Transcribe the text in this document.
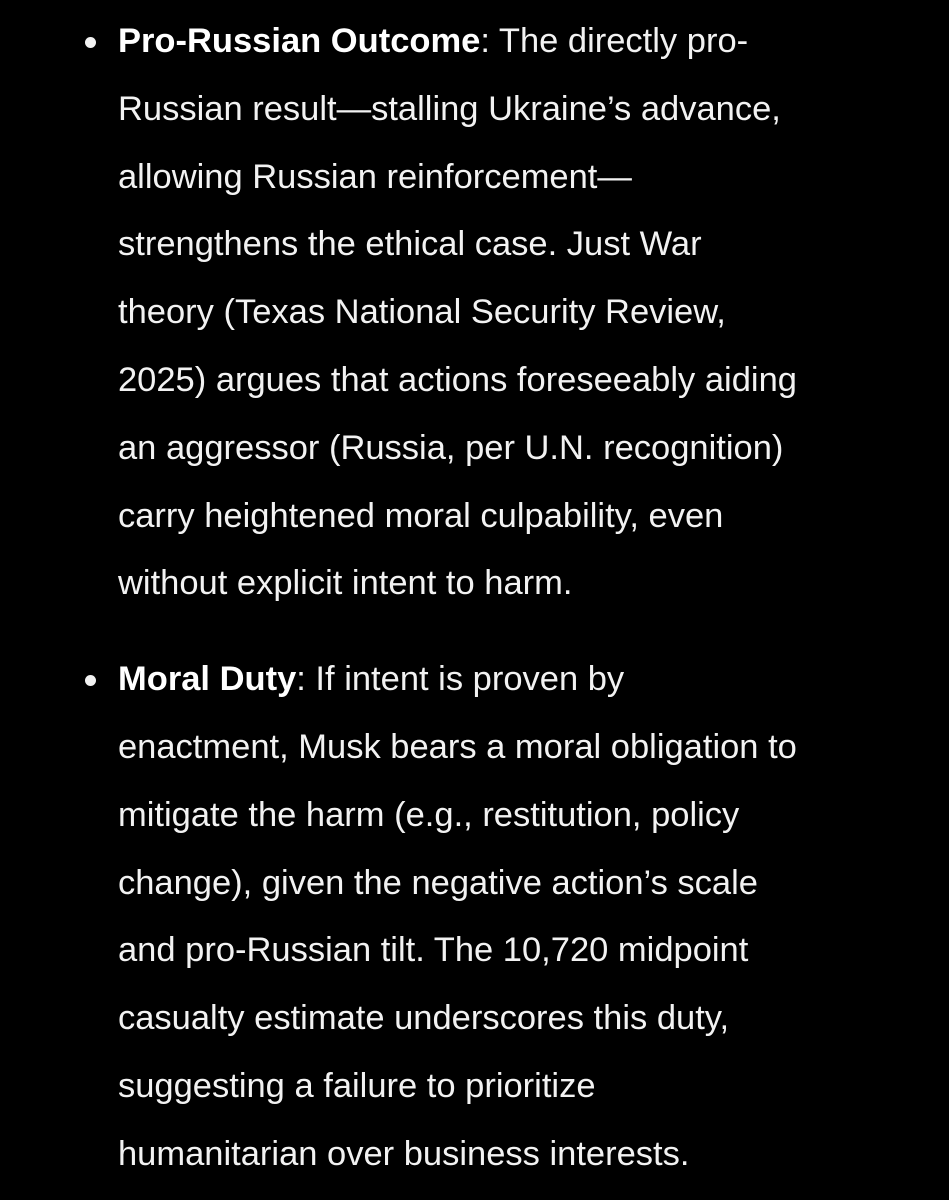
Pro-Russian Outcome: The directly pro-
Russian result—stalling Ukraine’s advance,
allowing Russian reinforcement—
strengthens the ethical case. Just War
theory (Texas National Security Review,
2025) argues that actions foreseeably aiding
an aggressor (Russia, per U.N. recognition)
carry heightened moral culpability, even
without explicit intent to harm.
Moral Duty: If intent is proven by
enactment, Musk bears a moral obligation to
mitigate the harm (e.g., restitution, policy
change), given the negative action’s scale
and pro-Russian tilt. The 10,720 midpoint
casualty estimate underscores this duty,
suggesting a failure to prioritize
humanitarian over business interests.
